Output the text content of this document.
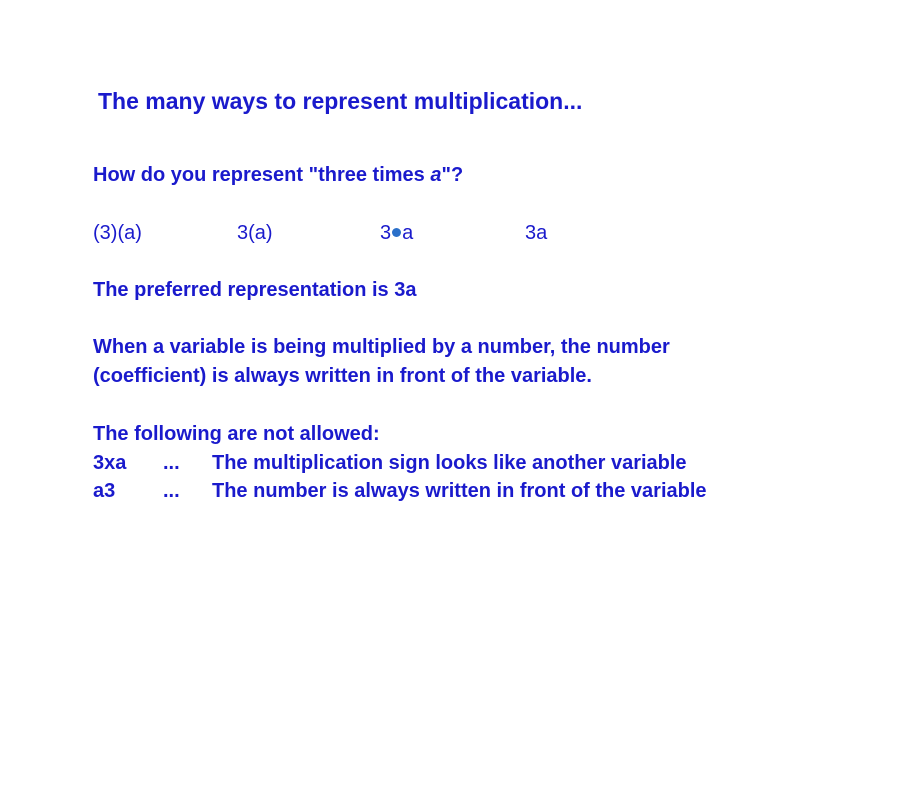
The many ways to represent multiplication...
How do you represent "three times a"?
(3)(a)	3(a)	3 a	3a
The preferred representation is 3a
When a variable is being multiplied by a number, the number
(coefficient) is always written in front of the variable.
The following are not allowed:
3xa ... The multiplication sign looks like another variable
a3 ... The number is always written in front of the variable
